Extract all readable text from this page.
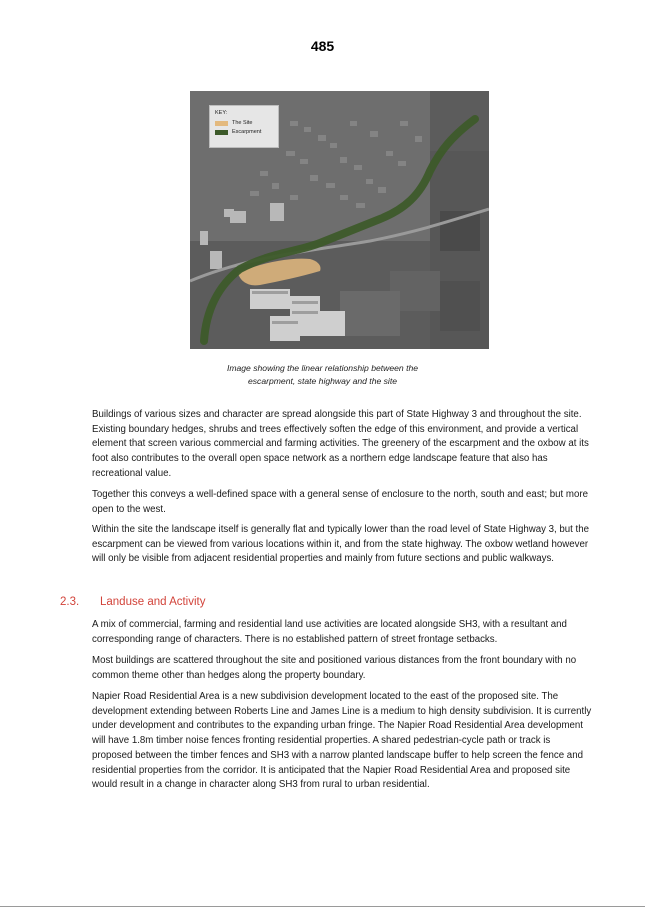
485
KEY:
The Site
Escarpment
Image showing the linear relationship between the
escarpment, state highway and the site

Buildings of various sizes and character are spread alongside this part of State Highway 3 and throughout the site. Existing boundary hedges, shrubs and trees effectively soften the edge of this environment, and provide a vertical element that screen various commercial and farming activities. The greenery of the escarpment and the oxbow at its foot also contributes to the overall open space network as a northern edge landscape feature that also has recreational value.

Together this conveys a well-defined space with a general sense of enclosure to the north, south and east; but more open to the west.

Within the site the landscape itself is generally flat and typically lower than the road level of State Highway 3, but the escarpment can be viewed from various locations within it, and from the state highway. The oxbow wetland however will only be visible from adjacent residential properties and mainly from future sections and public walkways.

2.3. Landuse and Activity

A mix of commercial, farming and residential land use activities are located alongside SH3, with a resultant and corresponding range of characters. There is no established pattern of street frontage setbacks.

Most buildings are scattered throughout the site and positioned various distances from the front boundary with no common theme other than hedges along the property boundary.

Napier Road Residential Area is a new subdivision development located to the east of the proposed site. The development extending between Roberts Line and James Line is a medium to high density subdivision. It is currently under development and contributes to the expanding urban fringe. The Napier Road Residential Area development will have 1.8m timber noise fences fronting residential properties. A shared pedestrian-cycle path or track is proposed between the timber fences and SH3 with a narrow planted landscape buffer to help screen the fence and residential properties from the corridor. It is anticipated that the Napier Road Residential Area and proposed site would result in a change in character along SH3 from rural to urban residential.
